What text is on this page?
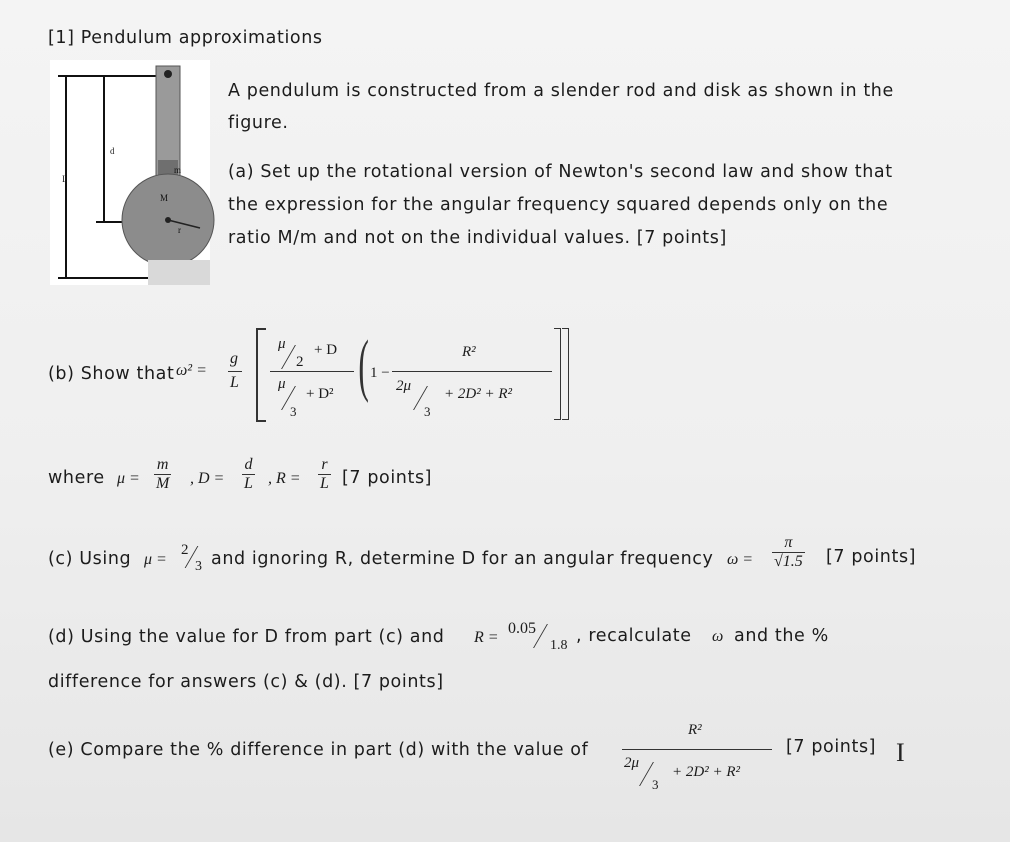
[1] Pendulum approximations
d
L
m
M
r
A pendulum is constructed from a slender rod and disk as shown in the
figure.
(a) Set up the rotational version of Newton's second law and show that
the expression for the angular frequency squared depends only on the
ratio M/m and not on the individual values. [7 points]
(b) Show that ω² =
g
L
μ
2
+ D
μ
3
+ D² ( 1 −
R²
2μ
3
+ 2D² + R²
where $\mu = \frac{m}{M}$ , $D = \frac{d}{L}$ , $R = \frac{r}{L} [7$ points]
(c) Using μ =
2
3 and ignoring R, determine D for an angular frequency $\omega = \frac{\pi}{√1.5} [7$ points]
(d) Using the value for D from part (c) and R =
0.05
1.8 , recalculate ω and the %
difference for answers (c) & (d). [7 points]
(e) Compare the % difference in part (d) with the value of
R²
2μ
3
+ 2D² + R²
[7 points] I
